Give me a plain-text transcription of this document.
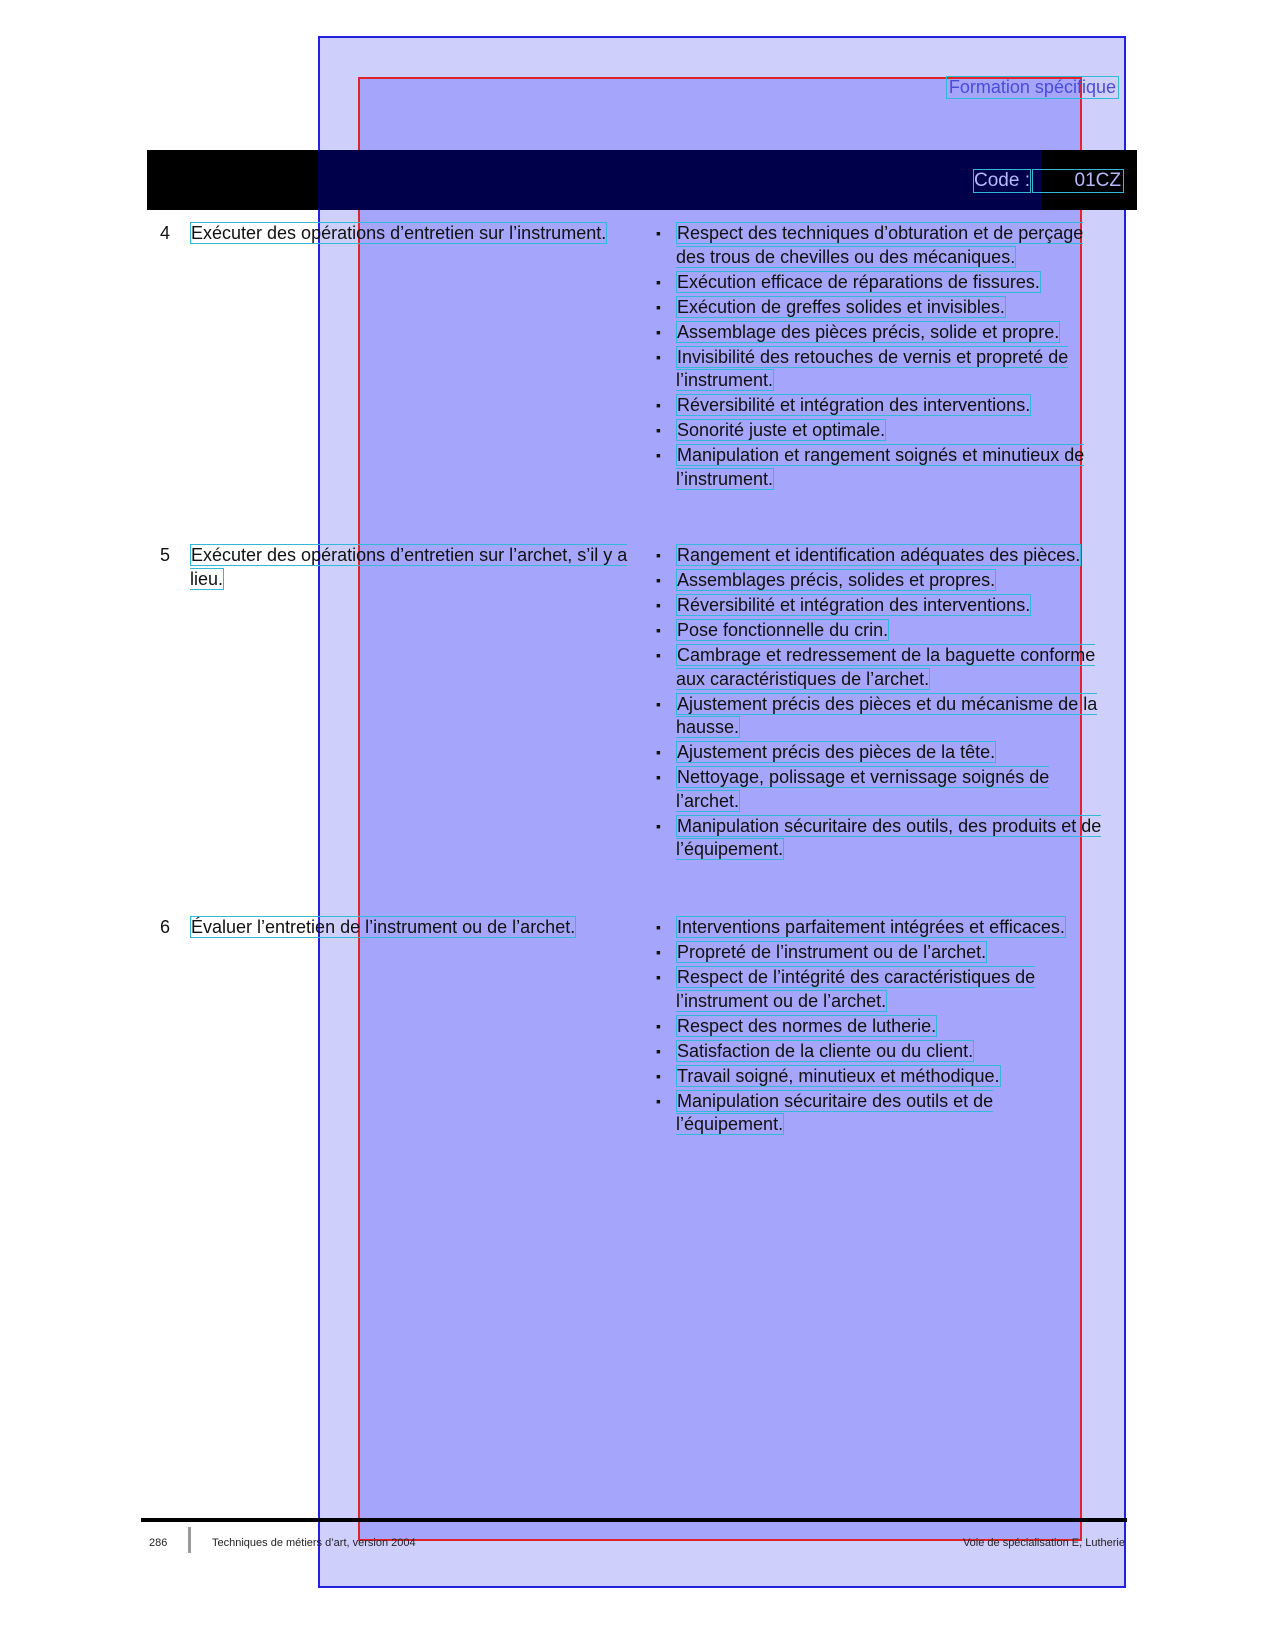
Formation spécifique
Code :	01CZ
4 Exécuter des opérations d’entretien sur l’instrument.	▪ Respect des techniques d’obturation et de perçage des trous de chevilles ou des mécaniques.
▪ Exécution efficace de réparations de fissures.
▪ Exécution de greffes solides et invisibles.
▪ Assemblage des pièces précis, solide et propre.
▪ Invisibilité des retouches de vernis et propreté de l’instrument.
▪ Réversibilité et intégration des interventions.
▪ Sonorité juste et optimale.
▪ Manipulation et rangement soignés et minutieux de l’instrument.
5 Exécuter des opérations d’entretien sur l’archet, s’il y a lieu.
▪ Rangement et identification adéquates des pièces.
▪ Assemblages précis, solides et propres.
▪ Réversibilité et intégration des interventions.
▪ Pose fonctionnelle du crin.
▪ Cambrage et redressement de la baguette conforme aux caractéristiques de l’archet.
▪ Ajustement précis des pièces et du mécanisme de la hausse.
▪ Ajustement précis des pièces de la tête.
▪ Nettoyage, polissage et vernissage soignés de l’archet.
▪ Manipulation sécuritaire des outils, des produits et de l’équipement.
6 Évaluer l’entretien de l’instrument ou de l’archet.	▪ Interventions parfaitement intégrées et efficaces.
▪ Propreté de l’instrument ou de l’archet.
▪ Respect de l’intégrité des caractéristiques de l’instrument ou de l’archet.
▪ Respect des normes de lutherie.
▪ Satisfaction de la cliente ou du client.
▪ Travail soigné, minutieux et méthodique.
▪ Manipulation sécuritaire des outils et de l’équipement.
286	Techniques de métiers d’art, version 2004	Voie de spécialisation E, Lutherie
